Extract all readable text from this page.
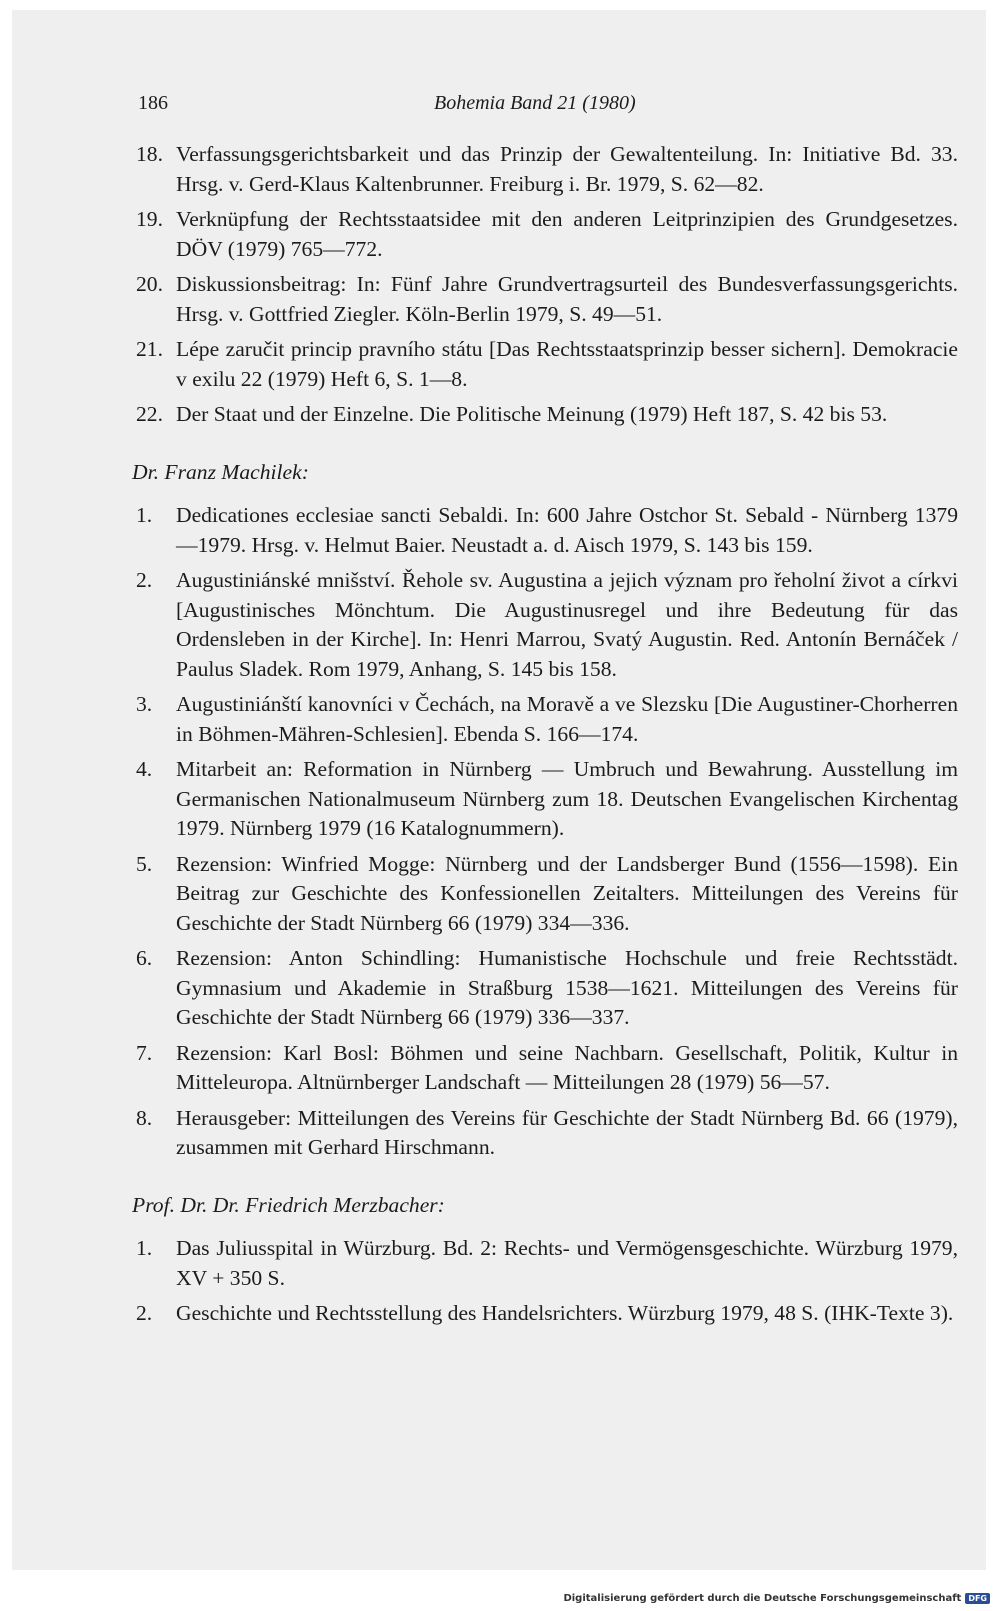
186	Bohemia Band 21 (1980)
18. Verfassungsgerichtsbarkeit und das Prinzip der Gewaltenteilung. In: Initiative Bd. 33. Hrsg. v. Gerd-Klaus Kaltenbrunner. Freiburg i. Br. 1979, S. 62—82.
19. Verknüpfung der Rechtsstaatsidee mit den anderen Leitprinzipien des Grundgesetzes. DÖV (1979) 765—772.
20. Diskussionsbeitrag: In: Fünf Jahre Grundvertragsurteil des Bundesverfassungsgerichts. Hrsg. v. Gottfried Ziegler. Köln-Berlin 1979, S. 49—51.
21. Lépe zaručit princip pravního státu [Das Rechtsstaatsprinzip besser sichern]. Demokracie v exilu 22 (1979) Heft 6, S. 1—8.
22. Der Staat und der Einzelne. Die Politische Meinung (1979) Heft 187, S. 42 bis 53.
Dr. Franz Machilek:
1. Dedicationes ecclesiae sancti Sebaldi. In: 600 Jahre Ostchor St. Sebald - Nürnberg 1379—1979. Hrsg. v. Helmut Baier. Neustadt a. d. Aisch 1979, S. 143 bis 159.
2. Augustiniánské mnišství. Řehole sv. Augustina a jejich význam pro řeholní život a církvi [Augustinisches Mönchtum. Die Augustinusregel und ihre Bedeutung für das Ordensleben in der Kirche]. In: Henri Marrou, Svatý Augustin. Red. Antonín Bernáček / Paulus Sladek. Rom 1979, Anhang, S. 145 bis 158.
3. Augustiniánští kanovníci v Čechách, na Moravě a ve Slezsku [Die Augustiner-Chorherren in Böhmen-Mähren-Schlesien]. Ebenda S. 166—174.
4. Mitarbeit an: Reformation in Nürnberg — Umbruch und Bewahrung. Ausstellung im Germanischen Nationalmuseum Nürnberg zum 18. Deutschen Evangelischen Kirchentag 1979. Nürnberg 1979 (16 Katalognummern).
5. Rezension: Winfried Mogge: Nürnberg und der Landsberger Bund (1556—1598). Ein Beitrag zur Geschichte des Konfessionellen Zeitalters. Mitteilungen des Vereins für Geschichte der Stadt Nürnberg 66 (1979) 334—336.
6. Rezension: Anton Schindling: Humanistische Hochschule und freie Rechtsstädt. Gymnasium und Akademie in Straßburg 1538—1621. Mitteilungen des Vereins für Geschichte der Stadt Nürnberg 66 (1979) 336—337.
7. Rezension: Karl Bosl: Böhmen und seine Nachbarn. Gesellschaft, Politik, Kultur in Mitteleuropa. Altnürnberger Landschaft — Mitteilungen 28 (1979) 56—57.
8. Herausgeber: Mitteilungen des Vereins für Geschichte der Stadt Nürnberg Bd. 66 (1979), zusammen mit Gerhard Hirschmann.
Prof. Dr. Dr. Friedrich Merzbacher:
1. Das Juliusspital in Würzburg. Bd. 2: Rechts- und Vermögensgeschichte. Würzburg 1979, XV + 350 S.
2. Geschichte und Rechtsstellung des Handelsrichters. Würzburg 1979, 48 S. (IHK-Texte 3).
Digitalisierung gefördert durch die Deutsche Forschungsgemeinschaft DFG
